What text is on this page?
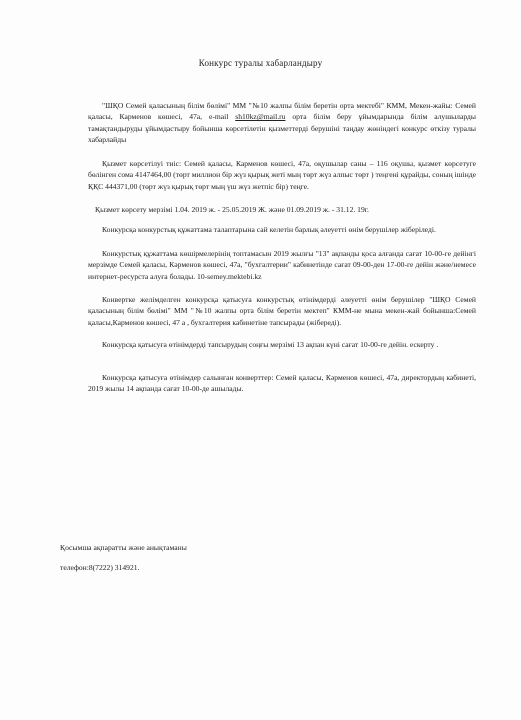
Конкурс туралы хабарландыру
"ШҚО Семей қаласының білім бөлімі" ММ "№10 жалпы білім беретін орта мектебі" КММ, Мекен-жайы: Семей қаласы, Карменов көшесі, 47а, e-mail sh10kz@mail.ru орта білім беру ұйымдарында білім алушыларды тамақтандыруды ұйымдастыру бойынша көрсетілетін қызметтерді берушіні таңдау жөніндегі конкурс өткізу туралы хабарлайды
Қызмет көрсетілуі тиіс: Семей қаласы, Карменов көшесі, 47а, оқушылар саны – 116 оқушы, қызмет көрсетуге бөлінген сома 4147464,00 (төрт миллион бір жүз қырық жеті мың төрт жүз алпыс төрт ) теңгені құрайды, соның ішінде ҚҚС 444371,00 (төрт жүз қырық төрт мың үш жүз жетпіс бір) теңге.
Қызмет көрсету мерзімі 1.04. 2019 ж. - 25.05.2019 Ж. және 01.09.2019 ж. - 31.12. 19г.
Конкурсқа конкурстық құжаттама талаптарына сай келетін барлық әлеуетті өнім берушілер жіберіледі.
Конкурстық құжаттама көшірмелерінің топтамасын 2019 жылғы "13" ақпанды қоса алғанда сағат 10-00-ге дейінгі мерзімде Семей қаласы, Кәрменов көшесі, 47а, "бухгалтерии" кабинетінде сағат 09-00-ден 17-00-ге дейін және/немесе интернет-ресурста алуға болады. 10-semey.mektebi.kz
Конвертке желімделген конкурсқа қатысуға конкурстық өтінімдерді әлеуетті өнім берушілер "ШҚО Семей қаласының білім бөлімі" ММ "№10 жалпы орта білім беретін мектеп" КММ-не мына мекен-жай бойынша:Семей қаласы,Карменов көшесі, 47 а , бухгалтерия кабинетіне тапсырады (жібереді).
Конкурсқа қатысуға өтінімдерді тапсырудың соңғы мерзімі 13 ақпан күні сағат 10-00-ге дейін. ескерту .
Конкурсқа қатысуға өтінімдер салынған конверттер: Семей қаласы, Кәрменов көшесі, 47а, директордың кабинеті, 2019 жылы 14 ақпанда сағат 10-00-де ашылады.
Қосымша ақпаратты және анықтаманы
телефон:8(7222) 314921.
